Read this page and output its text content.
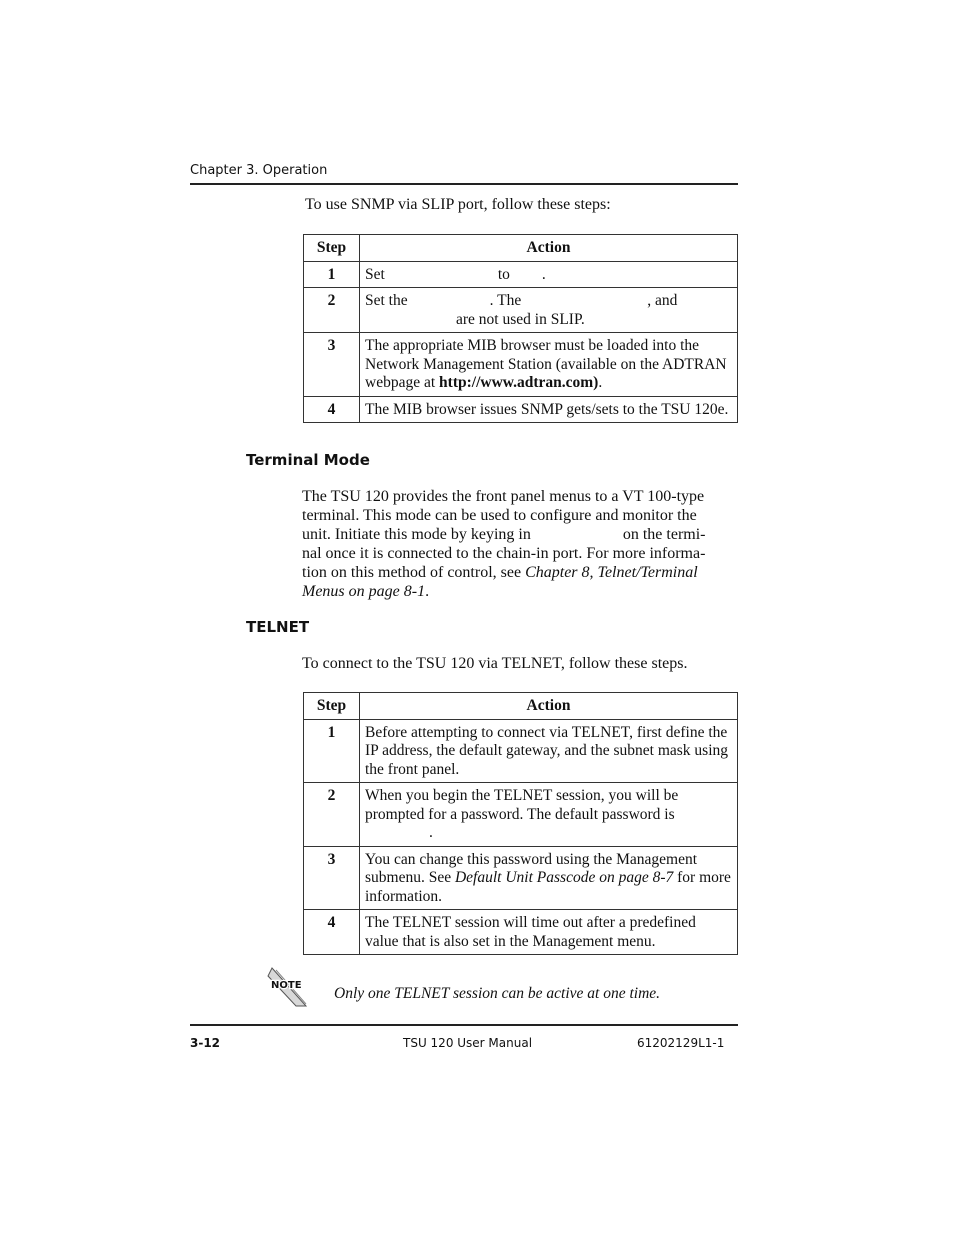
Chapter 3. Operation
To use SNMP via SLIP port, follow these steps:
Step	Action
1	Set to .
2	Set the . The , and
are not used in SLIP.
3	The appropriate MIB browser must be loaded into the Network Management Station (available on the ADTRAN webpage at http://www.adtran.com).
4	The MIB browser issues SNMP gets/sets to the TSU 120e.
Terminal Mode
The TSU 120 provides the front panel menus to a VT 100-type
terminal. This mode can be used to configure and monitor the
unit. Initiate this mode by keying in	on the termi-
nal once it is connected to the chain-in port. For more informa-
tion on this method of control, see Chapter 8, Telnet/Terminal
Menus on page 8-1.
TELNET
To connect to the TSU 120 via TELNET, follow these steps.
Step	Action
1	Before attempting to connect via TELNET, first define the IP address, the default gateway, and the subnet mask using the front panel.
2	When you begin the TELNET session, you will be prompted for a password. The default password is
.
3	You can change this password using the Management submenu. See Default Unit Passcode on page 8-7 for more information.
4	The TELNET session will time out after a predefined value that is also set in the Management menu.
NOTE Only one TELNET session can be active at one time.
3-12	TSU 120 User Manual	61202129L1-1
